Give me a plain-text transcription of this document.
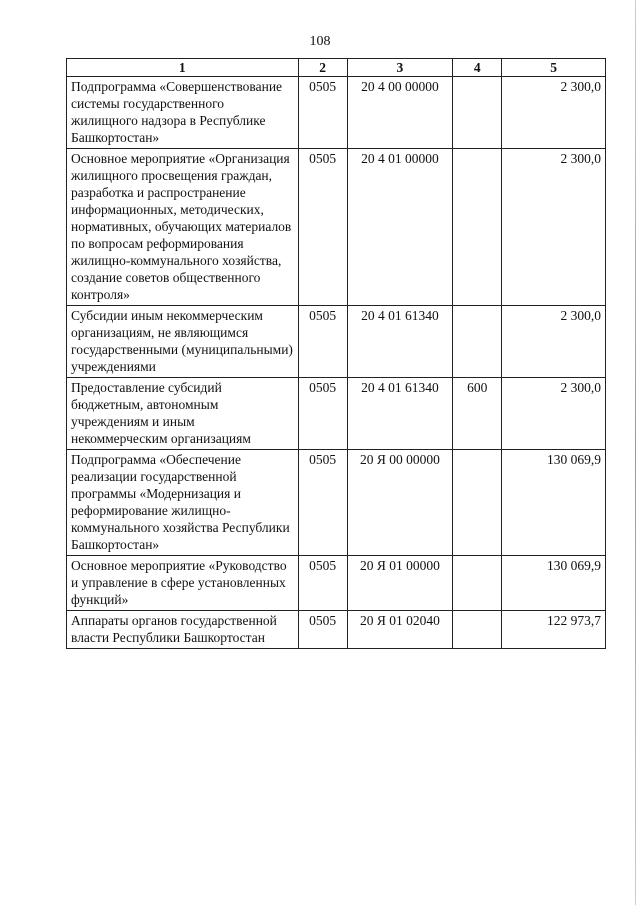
108
1	2	3	4	5
Подпрограмма «Совершенствование системы государственного жилищного надзора в Республике Башкортостан»	0505	20 4 00 00000		2 300,0
Основное мероприятие «Организация жилищного просвещения граждан, разработка и распространение информационных, методических, нормативных, обучающих материалов по вопросам реформирования жилищно-коммунального хозяйства, создание советов общественного контроля»	0505	20 4 01 00000		2 300,0
Субсидии иным некоммерческим организациям, не являющимся государственными (муниципальными) учреждениями	0505	20 4 01 61340		2 300,0
Предоставление субсидий бюджетным, автономным учреждениям и иным некоммерческим организациям	0505	20 4 01 61340	600	2 300,0
Подпрограмма «Обеспечение реализации государственной программы «Модернизация и реформирование жилищно-коммунального хозяйства Республики Башкортостан»	0505	20 Я 00 00000		130 069,9
Основное мероприятие «Руководство и управление в сфере установленных функций»	0505	20 Я 01 00000		130 069,9
Аппараты органов государственной власти Республики Башкортостан	0505	20 Я 01 02040		122 973,7
